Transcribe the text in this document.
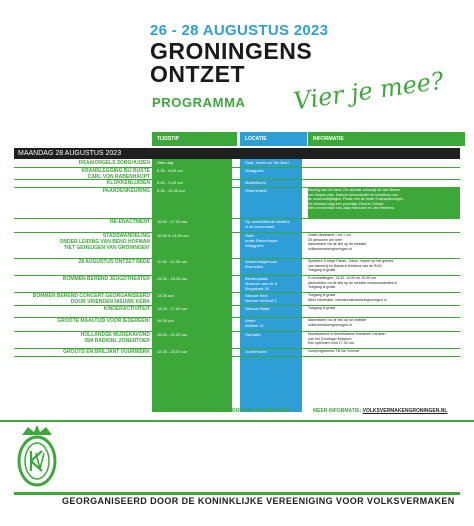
26 - 28 AUGUSTUS 2023
GRONINGENS
ONTZET
PROGRAMMA Vier je mee?
TIJDSTIP	LOCATIE	INFORMATIE
MAANDAG 28 AUGUSTUS 2023
DRAAIORGELS ZORGHUIZEN Hele dag	Stad, Haren en Ten Boer
KRANSLEGGING BIJ BUSTE
CARL VON RABENHAUPT
8.30 - 8.50 uur	Waagplein
KLOKKENLUIDEN 9.00 - 9.15 uur	Martinitoren
PAARDENKEURING 9.30 - 11.00 uur	Ossenmarkt	Keuring aan de hand. De winnaar ontvangt de Jan Menze
van Diepen prijs. Daarna demonstratie en bereiding voor
de concoursrijwagen. Finale met de beste 3 aanspanningen.
De winnaar krijgt een prachtige Zilveren Schaal
Met commentaar van Jaap Harskoek en Jan Heldema
RE-ENACTMENT 10.00 - 17.00 uur	Op verschillende locaties
in de binnenstad
STADSWANDELING
ONDER LEIDING VAN BENO HOFMAN
'HET GEHEUGEN VAN GRONINGEN'
10.00 & 14.00 uur	Start:
buste Rabenhaupt
Waagplein
Gratis deelname • vol = vol
25 personen per keer
Aanmelden via de link op de website
volksvermakengroningen.nl
28 AUGUSTUS ONTZET REDE 11.30 - 12.30 uur	Academiegebouw
Broerplein
Sprekers: Koosje Fallah - Bloch, expert op het gebied
van slavernij en Barbera Heidena van de RUG
Toegang is gratis
BOMMEN BEREND JEUGDTHEATER 13.30 - 15.30 uur	Binnenplaats
Museum aan de A
Brugstraat 24
5 voorstellingen: 13.30, 14.00 en 15.00 uur
Aanmelden via de link op de website museumaandea.nl
Toegang is gratis
BOMMEN BEREND CONCERT GEORGANISEERD
DOOR VRIENDEN NIEUWE KERK
14.00 uur	Nieuwe Kerk
Nieuwe Kerkhof 1
Toegang is gratis
Meer informatie: vriendennieuwekerkgroningen.nl
KINDERACTIVITEIT 14.00 - 17.00 uur	Nieuwe Markt	Toegang is gratis
GROOTE MAALTIJD VOOR IEDEREEN! 16.00 uur	Aberk
Aldkerk 11
Aanmelden via de link op de website
volksvermakengroningen.nl
HOLLANDSE MUZIEKAVOND
ISM RADIONL ZONERTOER
15.00 - 21.00 uur	Vismarkt	Muziekavond in Amerikaanse Airstream Caravan
van het Groninger Museum
Eén optreden rond 17.00 uur
GROOTS EN BRILJANT VUURWERK 22.30 - 23.00 uur	Zuiderhaven	Voorprogramma: TikTok Tommie
PROGRAMMA ONDER VOORBEHOUD VAN WIJZIGINGEN	MEER INFORMATIE: VOLKSVERMAKENGRONINGEN.NL
GEORGANISEERD DOOR DE KONINKLIJKE VEREENIGING VOOR VOLKSVERMAKEN
